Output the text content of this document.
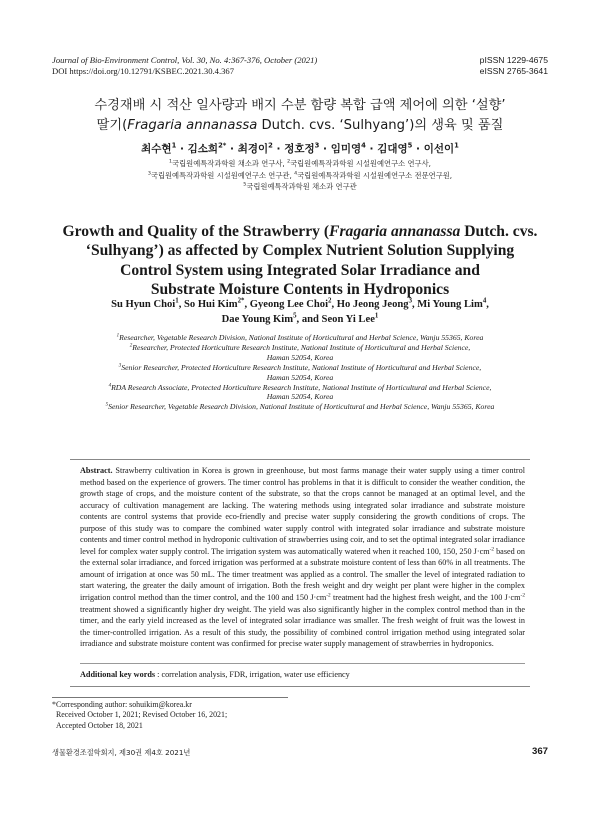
Journal of Bio-Environment Control, Vol. 30, No. 4:367-376, October (2021)
DOI https://doi.org/10.12791/KSBEC.2021.30.4.367
pISSN 1229-4675
eISSN 2765-3641
수경재배 시 적산 일사량과 배지 수분 함량 복합 급액 제어에 의한 ‘설향’
딸기(Fragaria annanassa Dutch. cvs. ‘Sulhyang’)의 생육 및 품질
최수현$^1$ · 김소희$^{2*}$ · 최경이$^2$ · 정호정$^3$ · 임미영$^4$ · 김대영$^5$ · 이선이$^1$
$^1$국립원예특작과학원 채소과 연구사, $^2$국립원예특작과학원 시설원예연구소 연구사,
$^3$국립원예특작과학원 시설원예연구소 연구관, $^4$국립원예특작과학원 시설원예연구소 전문연구원,
$^5$국립원예특작과학원 채소과 연구관
Growth and Quality of the Strawberry (Fragaria annanassa Dutch. cvs.
‘Sulhyang’) as affected by Complex Nutrient Solution Supplying
Control System using Integrated Solar Irradiance and
Substrate Moisture Contents in Hydroponics
Su Hyun Choi$^1$, So Hui Kim$^{2*}$, Gyeong Lee Choi$^2$, Ho Jeong Jeong$^3$, Mi Young Lim$^4$,
Dae Young Kim$^5$, and Seon Yi Lee$^1$
$^1$Researcher, Vegetable Research Division, National Institute of Horticultural and Herbal Science, Wanju 55365, Korea
$^2$Researcher, Protected Horticulture Research Institute, National Institute of Horticultural and Herbal Science,
Haman 52054, Korea
$^3$Senior Researcher, Protected Horticulture Research Institute, National Institute of Horticultural and Herbal Science,
Haman 52054, Korea
$^4$RDA Research Associate, Protected Horticulture Research Institute, National Institute of Horticultural and Herbal Science,
Haman 52054, Korea
$^5$Senior Researcher, Vegetable Research Division, National Institute of Horticultural and Herbal Science, Wanju 55365, Korea
Abstract. Strawberry cultivation in Korea is grown in greenhouse, but most farms manage their water supply using a timer control method based on the experience of growers. The timer control has problems in that it is difficult to consider the weather condition, the growth stage of crops, and the moisture content of the substrate, so that the crops cannot be managed at an optimal level, and the accuracy of cultivation management are lacking. The watering methods using integrated solar irradiance and substrate moisture contents are control systems that provide eco-friendly and precise water supply considering the growth conditions of crops. The purpose of this study was to compare the combined water supply control with integrated solar irradiance and substrate moisture contents and timer control method in hydroponic cultivation of strawberries using coir, and to set the optimal integrated solar irradiance level for complex water supply control. The irrigation system was automatically watered when it reached 100, 150, 250 $J\cdot cm^{-2}$ based on the external solar irradiance, and forced irrigation was performed at a substrate moisture content of less than 60% in all treatments. The amount of irrigation at once was 50 mL. The timer treatment was applied as a control. The smaller the level of integrated radiation to start watering, the greater the daily amount of irrigation. Both the fresh weight and dry weight per plant were higher in the complex irrigation control method than the timer control, and the 100 and 150 $J\cdot cm^{-2}$ treatment had the highest fresh weight, and the 100 $J\cdot cm^{-2}$ treatment showed a significantly higher dry weight. The yield was also significantly higher in the complex control method than in the timer, and the early yield increased as the level of integrated solar irradiance was smaller. The fresh weight of fruit was the lowest in the timer-controlled irrigation. As a result of this study, the possibility of combined control irrigation method using integrated solar irradiance and substrate moisture content was confirmed for precise water supply management of strawberries in hydroponics.
Additional key words : correlation analysis, FDR, irrigation, water use efficiency
*Corresponding author: sohuikim@korea.kr
Received October 1, 2021; Revised October 16, 2021;
Accepted October 18, 2021
생물환경조절학회지, 제30권 제4호 2021년	367
